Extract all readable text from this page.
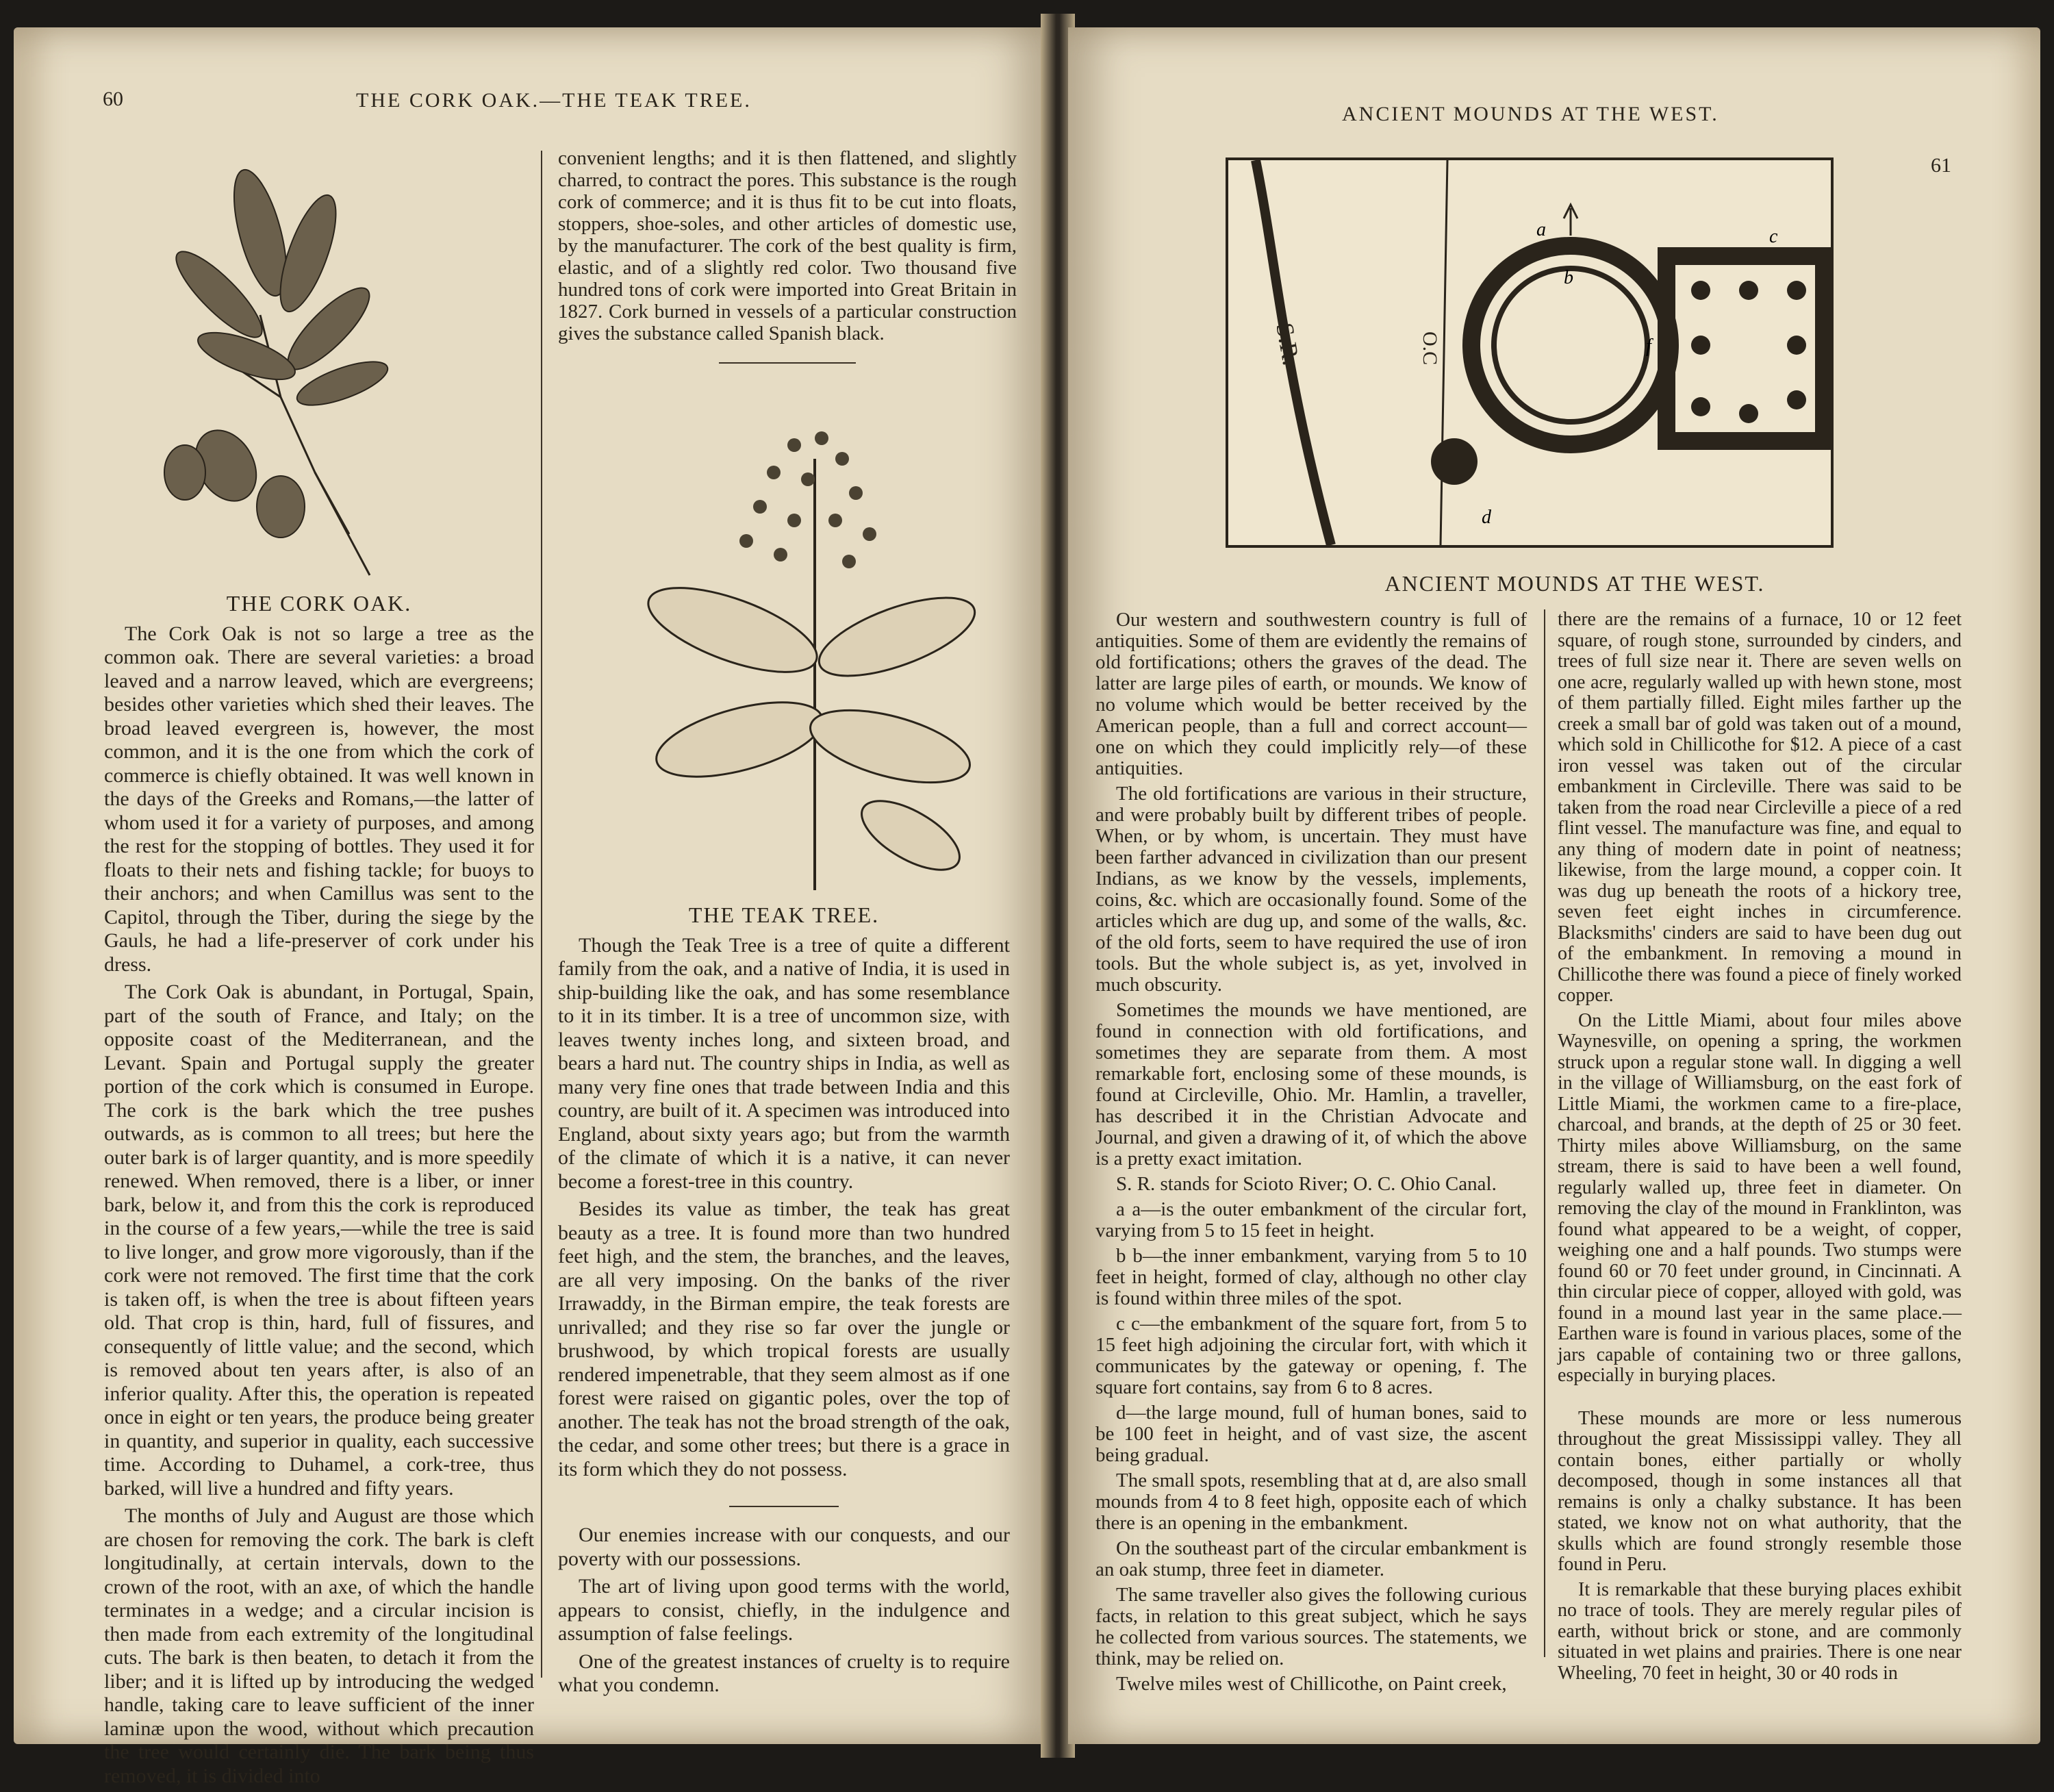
60	THE CORK OAK.—THE TEAK TREE.
THE CORK OAK.

The Cork Oak is not so large a tree as the common oak. There are several varieties: a broad leaved and a narrow leaved, which are evergreens; besides other varieties which shed their leaves. The broad leaved evergreen is, however, the most common, and it is the one from which the cork of commerce is chiefly obtained. It was well known in the days of the Greeks and Romans,—the latter of whom used it for a variety of purposes, and among the rest for the stopping of bottles. They used it for floats to their nets and fishing tackle; for buoys to their anchors; and when Camillus was sent to the Capitol, through the Tiber, during the siege by the Gauls, he had a life-preserver of cork under his dress.

The Cork Oak is abundant, in Portugal, Spain, part of the south of France, and Italy; on the opposite coast of the Mediterranean, and the Levant. Spain and Portugal supply the greater portion of the cork which is consumed in Europe. The cork is the bark which the tree pushes outwards, as is common to all trees; but here the outer bark is of larger quantity, and is more speedily renewed. When removed, there is a liber, or inner bark, below it, and from this the cork is reproduced in the course of a few years,—while the tree is said to live longer, and grow more vigorously, than if the cork were not removed. The first time that the cork is taken off, is when the tree is about fifteen years old. That crop is thin, hard, full of fissures, and consequently of little value; and the second, which is removed about ten years after, is also of an inferior quality. After this, the operation is repeated once in eight or ten years, the produce being greater in quantity, and superior in quality, each successive time. According to Duhamel, a cork-tree, thus barked, will live a hundred and fifty years.

The months of July and August are those which are chosen for removing the cork. The bark is cleft longitudinally, at certain intervals, down to the crown of the root, with an axe, of which the handle terminates in a wedge; and a circular incision is then made from each extremity of the longitudinal cuts. The bark is then beaten, to detach it from the liber; and it is lifted up by introducing the wedged handle, taking care to leave sufficient of the inner laminæ upon the wood, without which precaution the tree would certainly die. The bark being thus removed, it is divided into

convenient lengths; and it is then flattened, and slightly charred, to contract the pores. This substance is the rough cork of commerce; and it is thus fit to be cut into floats, stoppers, shoe-soles, and other articles of domestic use, by the manufacturer. The cork of the best quality is firm, elastic, and of a slightly red color. Two thousand five hundred tons of cork were imported into Great Britain in 1827. Cork burned in vessels of a particular construction gives the substance called Spanish black.

THE TEAK TREE.

Though the Teak Tree is a tree of quite a different family from the oak, and a native of India, it is used in ship-building like the oak, and has some resemblance to it in its timber. It is a tree of uncommon size, with leaves twenty inches long, and sixteen broad, and bears a hard nut. The country ships in India, as well as many very fine ones that trade between India and this country, are built of it. A specimen was introduced into England, about sixty years ago; but from the warmth of the climate of which it is a native, it can never become a forest-tree in this country.

Besides its value as timber, the teak has great beauty as a tree. It is found more than two hundred feet high, and the stem, the branches, and the leaves, are all very imposing. On the banks of the river Irrawaddy, in the Birman empire, the teak forests are unrivalled; and they rise so far over the jungle or brushwood, by which tropical forests are usually rendered impenetrable, that they seem almost as if one forest were raised on gigantic poles, over the top of another. The teak has not the broad strength of the oak, the cedar, and some other trees; but there is a grace in its form which they do not possess.

Our enemies increase with our conquests, and our poverty with our possessions.

The art of living upon good terms with the world, appears to consist, chiefly, in the indulgence and assumption of false feelings.

One of the greatest instances of cruelty is to require what you condemn.

ANCIENT MOUNDS AT THE WEST.
61
S.R.	O.C
a
b
c
d
f
ANCIENT MOUNDS AT THE WEST.

Our western and southwestern country is full of antiquities. Some of them are evidently the remains of old fortifications; others the graves of the dead. The latter are large piles of earth, or mounds. We know of no volume which would be better received by the American people, than a full and correct account—one on which they could implicitly rely—of these antiquities.

The old fortifications are various in their structure, and were probably built by different tribes of people. When, or by whom, is uncertain. They must have been farther advanced in civilization than our present Indians, as we know by the vessels, implements, coins, &c. which are occasionally found. Some of the articles which are dug up, and some of the walls, &c. of the old forts, seem to have required the use of iron tools. But the whole subject is, as yet, involved in much obscurity.

Sometimes the mounds we have mentioned, are found in connection with old fortifications, and sometimes they are separate from them. A most remarkable fort, enclosing some of these mounds, is found at Circleville, Ohio. Mr. Hamlin, a traveller, has described it in the Christian Advocate and Journal, and given a drawing of it, of which the above is a pretty exact imitation.

S. R. stands for Scioto River; O. C. Ohio Canal.

a a—is the outer embankment of the circular fort, varying from 5 to 15 feet in height.

b b—the inner embankment, varying from 5 to 10 feet in height, formed of clay, although no other clay is found within three miles of the spot.

c c—the embankment of the square fort, from 5 to 15 feet high adjoining the circular fort, with which it communicates by the gateway or opening, f. The square fort contains, say from 6 to 8 acres.

d—the large mound, full of human bones, said to be 100 feet in height, and of vast size, the ascent being gradual.

The small spots, resembling that at d, are also small mounds from 4 to 8 feet high, opposite each of which there is an opening in the embankment.

On the southeast part of the circular embankment is an oak stump, three feet in diameter.

The same traveller also gives the following curious facts, in relation to this great subject, which he says he collected from various sources. The statements, we think, may be relied on.

Twelve miles west of Chillicothe, on Paint creek,

there are the remains of a furnace, 10 or 12 feet square, of rough stone, surrounded by cinders, and trees of full size near it. There are seven wells on one acre, regularly walled up with hewn stone, most of them partially filled. Eight miles farther up the creek a small bar of gold was taken out of a mound, which sold in Chillicothe for $12. A piece of a cast iron vessel was taken out of the circular embankment in Circleville. There was said to be taken from the road near Circleville a piece of a red flint vessel. The manufacture was fine, and equal to any thing of modern date in point of neatness; likewise, from the large mound, a copper coin. It was dug up beneath the roots of a hickory tree, seven feet eight inches in circumference. Blacksmiths' cinders are said to have been dug out of the embankment. In removing a mound in Chillicothe there was found a piece of finely worked copper.

On the Little Miami, about four miles above Waynesville, on opening a spring, the workmen struck upon a regular stone wall. In digging a well in the village of Williamsburg, on the east fork of Little Miami, the workmen came to a fire-place, charcoal, and brands, at the depth of 25 or 30 feet. Thirty miles above Williamsburg, on the same stream, there is said to have been a well found, regularly walled up, three feet in diameter. On removing the clay of the mound in Franklinton, was found what appeared to be a weight, of copper, weighing one and a half pounds. Two stumps were found 60 or 70 feet under ground, in Cincinnati. A thin circular piece of copper, alloyed with gold, was found in a mound last year in the same place.—Earthen ware is found in various places, some of the jars capable of containing two or three gallons, especially in burying places.

These mounds are more or less numerous throughout the great Mississippi valley. They all contain bones, either partially or wholly decomposed, though in some instances all that remains is only a chalky substance. It has been stated, we know not on what authority, that the skulls which are found strongly resemble those found in Peru.

It is remarkable that these burying places exhibit no trace of tools. They are merely regular piles of earth, without brick or stone, and are commonly situated in wet plains and prairies. There is one near Wheeling, 70 feet in height, 30 or 40 rods in
